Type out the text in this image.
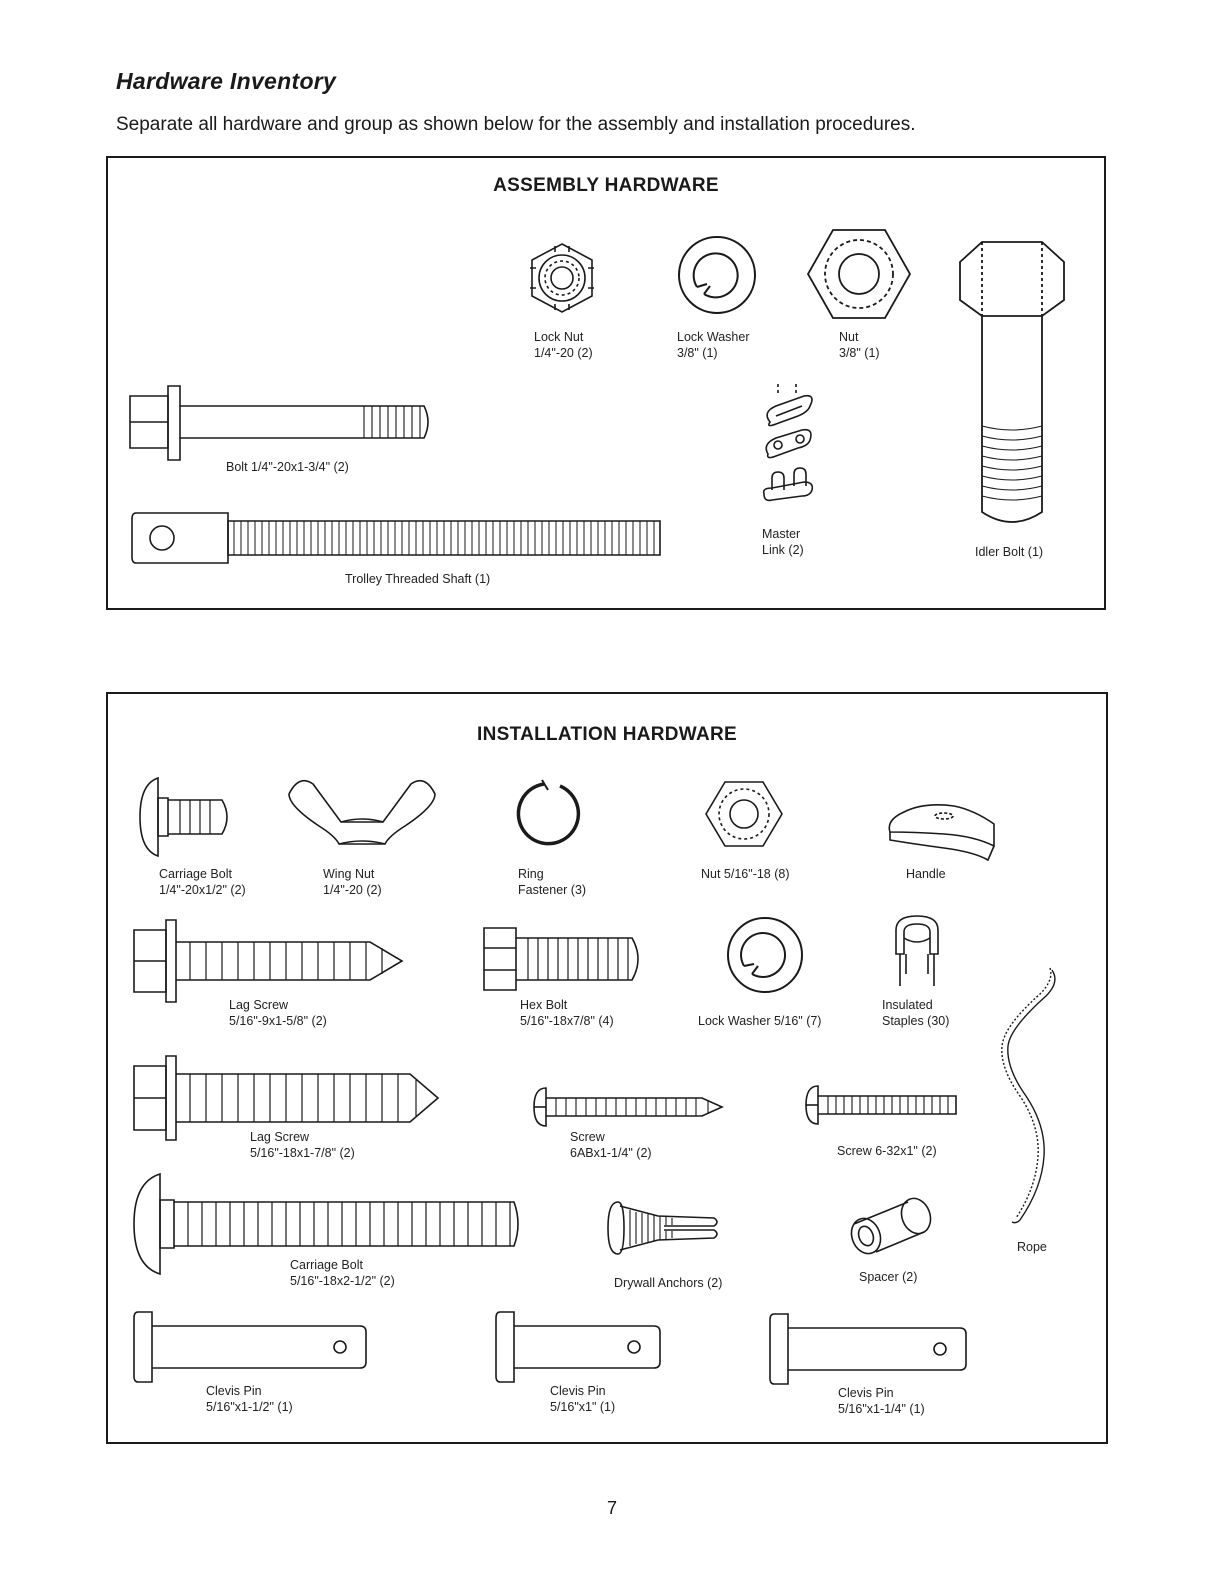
Hardware Inventory

Separate all hardware and group as shown below for the assembly and installation procedures.

ASSEMBLY HARDWARE
Lock Nut
1/4"-20 (2)
Lock Washer
3/8" (1)
Nut
3/8" (1)
Bolt 1/4"-20x1-3/4" (2)
Master
Link (2)	Idler Bolt (1)
Trolley Threaded Shaft (1)
INSTALLATION HARDWARE
Carriage Bolt
1/4"-20x1/2" (2)
Wing Nut
1/4"-20 (2)
Ring
Fastener (3)
Nut 5/16"-18 (8)	Handle
Lag Screw
5/16"-9x1-5/8" (2)
Hex Bolt
5/16"-18x7/8" (4)	Lock Washer 5/16" (7)
Insulated
Staples (30)
Rope
Lag Screw
5/16"-18x1-7/8" (2)
Screw
6ABx1-1/4" (2)	Screw 6-32x1" (2)
Carriage Bolt
5/16"-18x2-1/2" (2)	Drywall Anchors (2)	Spacer (2)
Clevis Pin
5/16"x1-1/2" (1)
Clevis Pin
5/16"x1" (1)
Clevis Pin
5/16"x1-1/4" (1)
7
